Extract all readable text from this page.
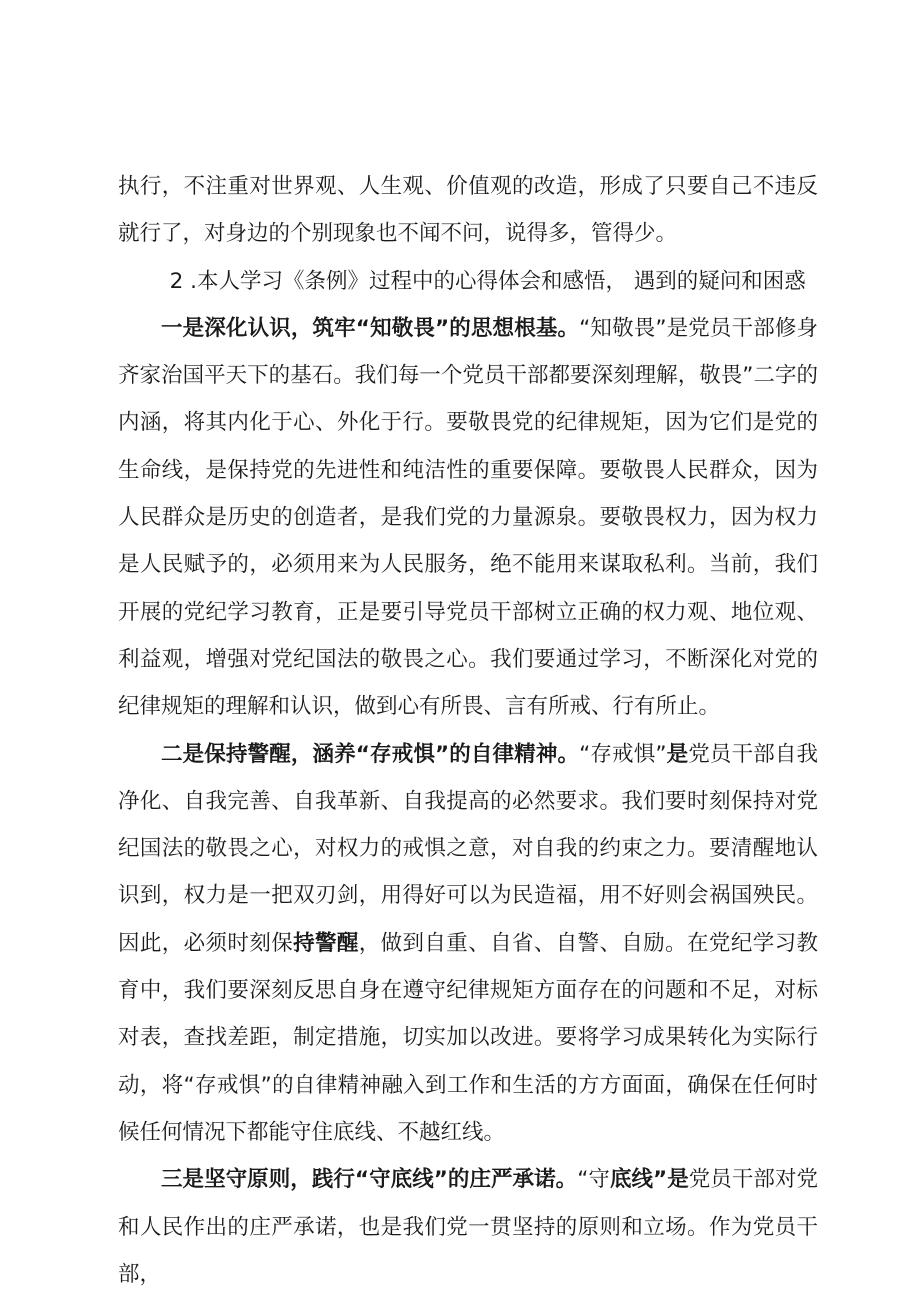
执行，不注重对世界观、人生观、价值观的改造，形成了只要自己不违反就行了，对身边的个别现象也不闻不问，说得多，管得少。

2 .本人学习《条例》过程中的心得体会和感悟， 遇到的疑问和困惑

一是深化认识，筑牢“知敬畏”的思想根基。“知敬畏”是党员干部修身齐家治国平天下的基石。我们每一个党员干部都要深刻理解，敬畏”二字的内涵，将其内化于心、外化于行。要敬畏党的纪律规矩，因为它们是党的生命线，是保持党的先进性和纯洁性的重要保障。要敬畏人民群众，因为人民群众是历史的创造者，是我们党的力量源泉。要敬畏权力，因为权力是人民赋予的，必须用来为人民服务，绝不能用来谋取私利。当前，我们开展的党纪学习教育，正是要引导党员干部树立正确的权力观、地位观、利益观，增强对党纪国法的敬畏之心。我们要通过学习，不断深化对党的纪律规矩的理解和认识，做到心有所畏、言有所戒、行有所止。

二是保持警醒，涵养“存戒惧”的自律精神。“存戒惧”是党员干部自我净化、自我完善、自我革新、自我提高的必然要求。我们要时刻保持对党纪国法的敬畏之心，对权力的戒惧之意，对自我的约束之力。要清醒地认识到，权力是一把双刃剑，用得好可以为民造福，用不好则会祸国殃民。因此，必须时刻保持警醒，做到自重、自省、自警、自励。在党纪学习教育中，我们要深刻反思自身在遵守纪律规矩方面存在的问题和不足，对标对表，查找差距，制定措施，切实加以改进。要将学习成果转化为实际行动，将“存戒惧”的自律精神融入到工作和生活的方方面面，确保在任何时候任何情况下都能守住底线、不越红线。

三是坚守原则，践行“守底线”的庄严承诺。“守底线”是党员干部对党和人民作出的庄严承诺，也是我们党一贯坚持的原则和立场。作为党员干部，
